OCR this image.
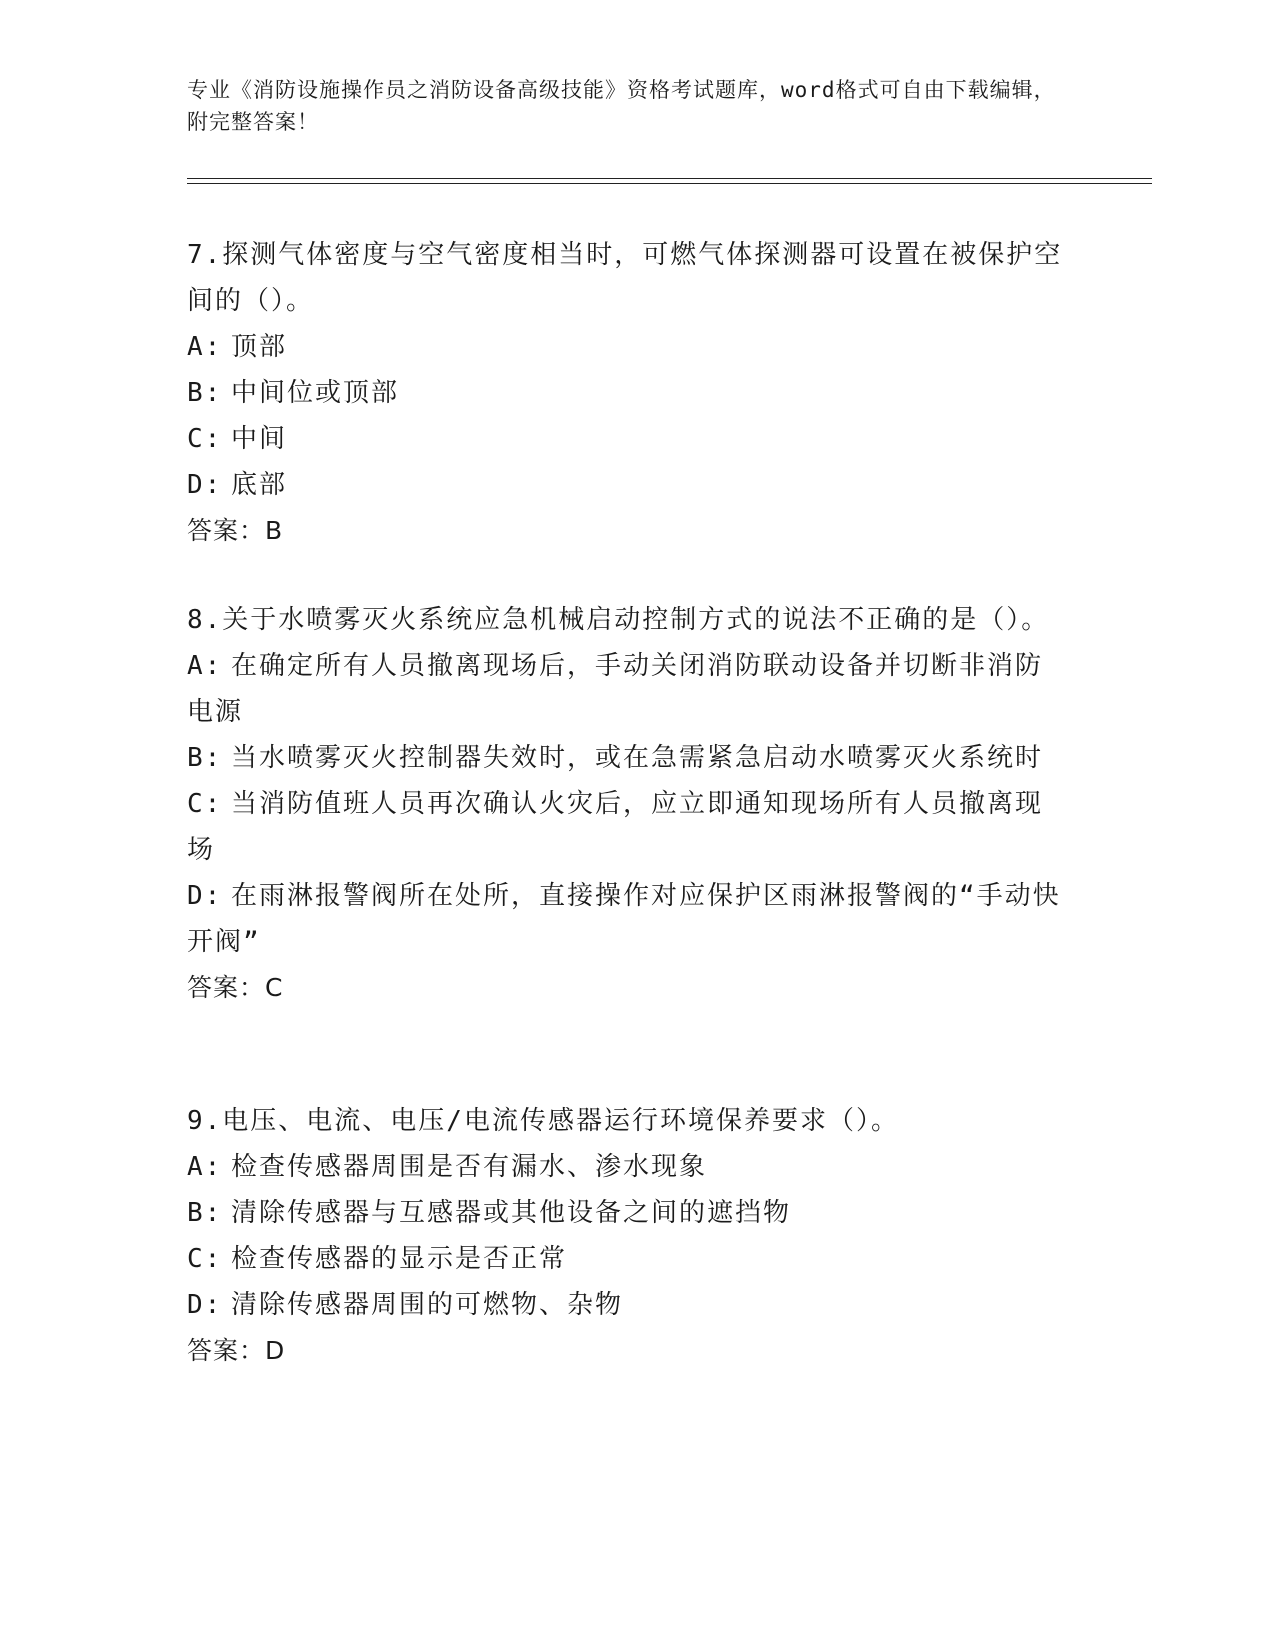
专业《消防设施操作员之消防设备高级技能》资格考试题库，word格式可自由下载编辑，附完整答案！

7.探测气体密度与空气密度相当时，可燃气体探测器可设置在被保护空间的（）。

A: 顶部

B: 中间位或顶部

C: 中间

D: 底部

答案：B

8.关于水喷雾灭火系统应急机械启动控制方式的说法不正确的是（）。

A: 在确定所有人员撤离现场后，手动关闭消防联动设备并切断非消防电源

B: 当水喷雾灭火控制器失效时，或在急需紧急启动水喷雾灭火系统时

C: 当消防值班人员再次确认火灾后，应立即通知现场所有人员撤离现场

D: 在雨淋报警阀所在处所，直接操作对应保护区雨淋报警阀的“手动快开阀”

答案：C

9.电压、电流、电压/电流传感器运行环境保养要求（）。

A: 检查传感器周围是否有漏水、渗水现象

B: 清除传感器与互感器或其他设备之间的遮挡物

C: 检查传感器的显示是否正常

D: 清除传感器周围的可燃物、杂物

答案：D
